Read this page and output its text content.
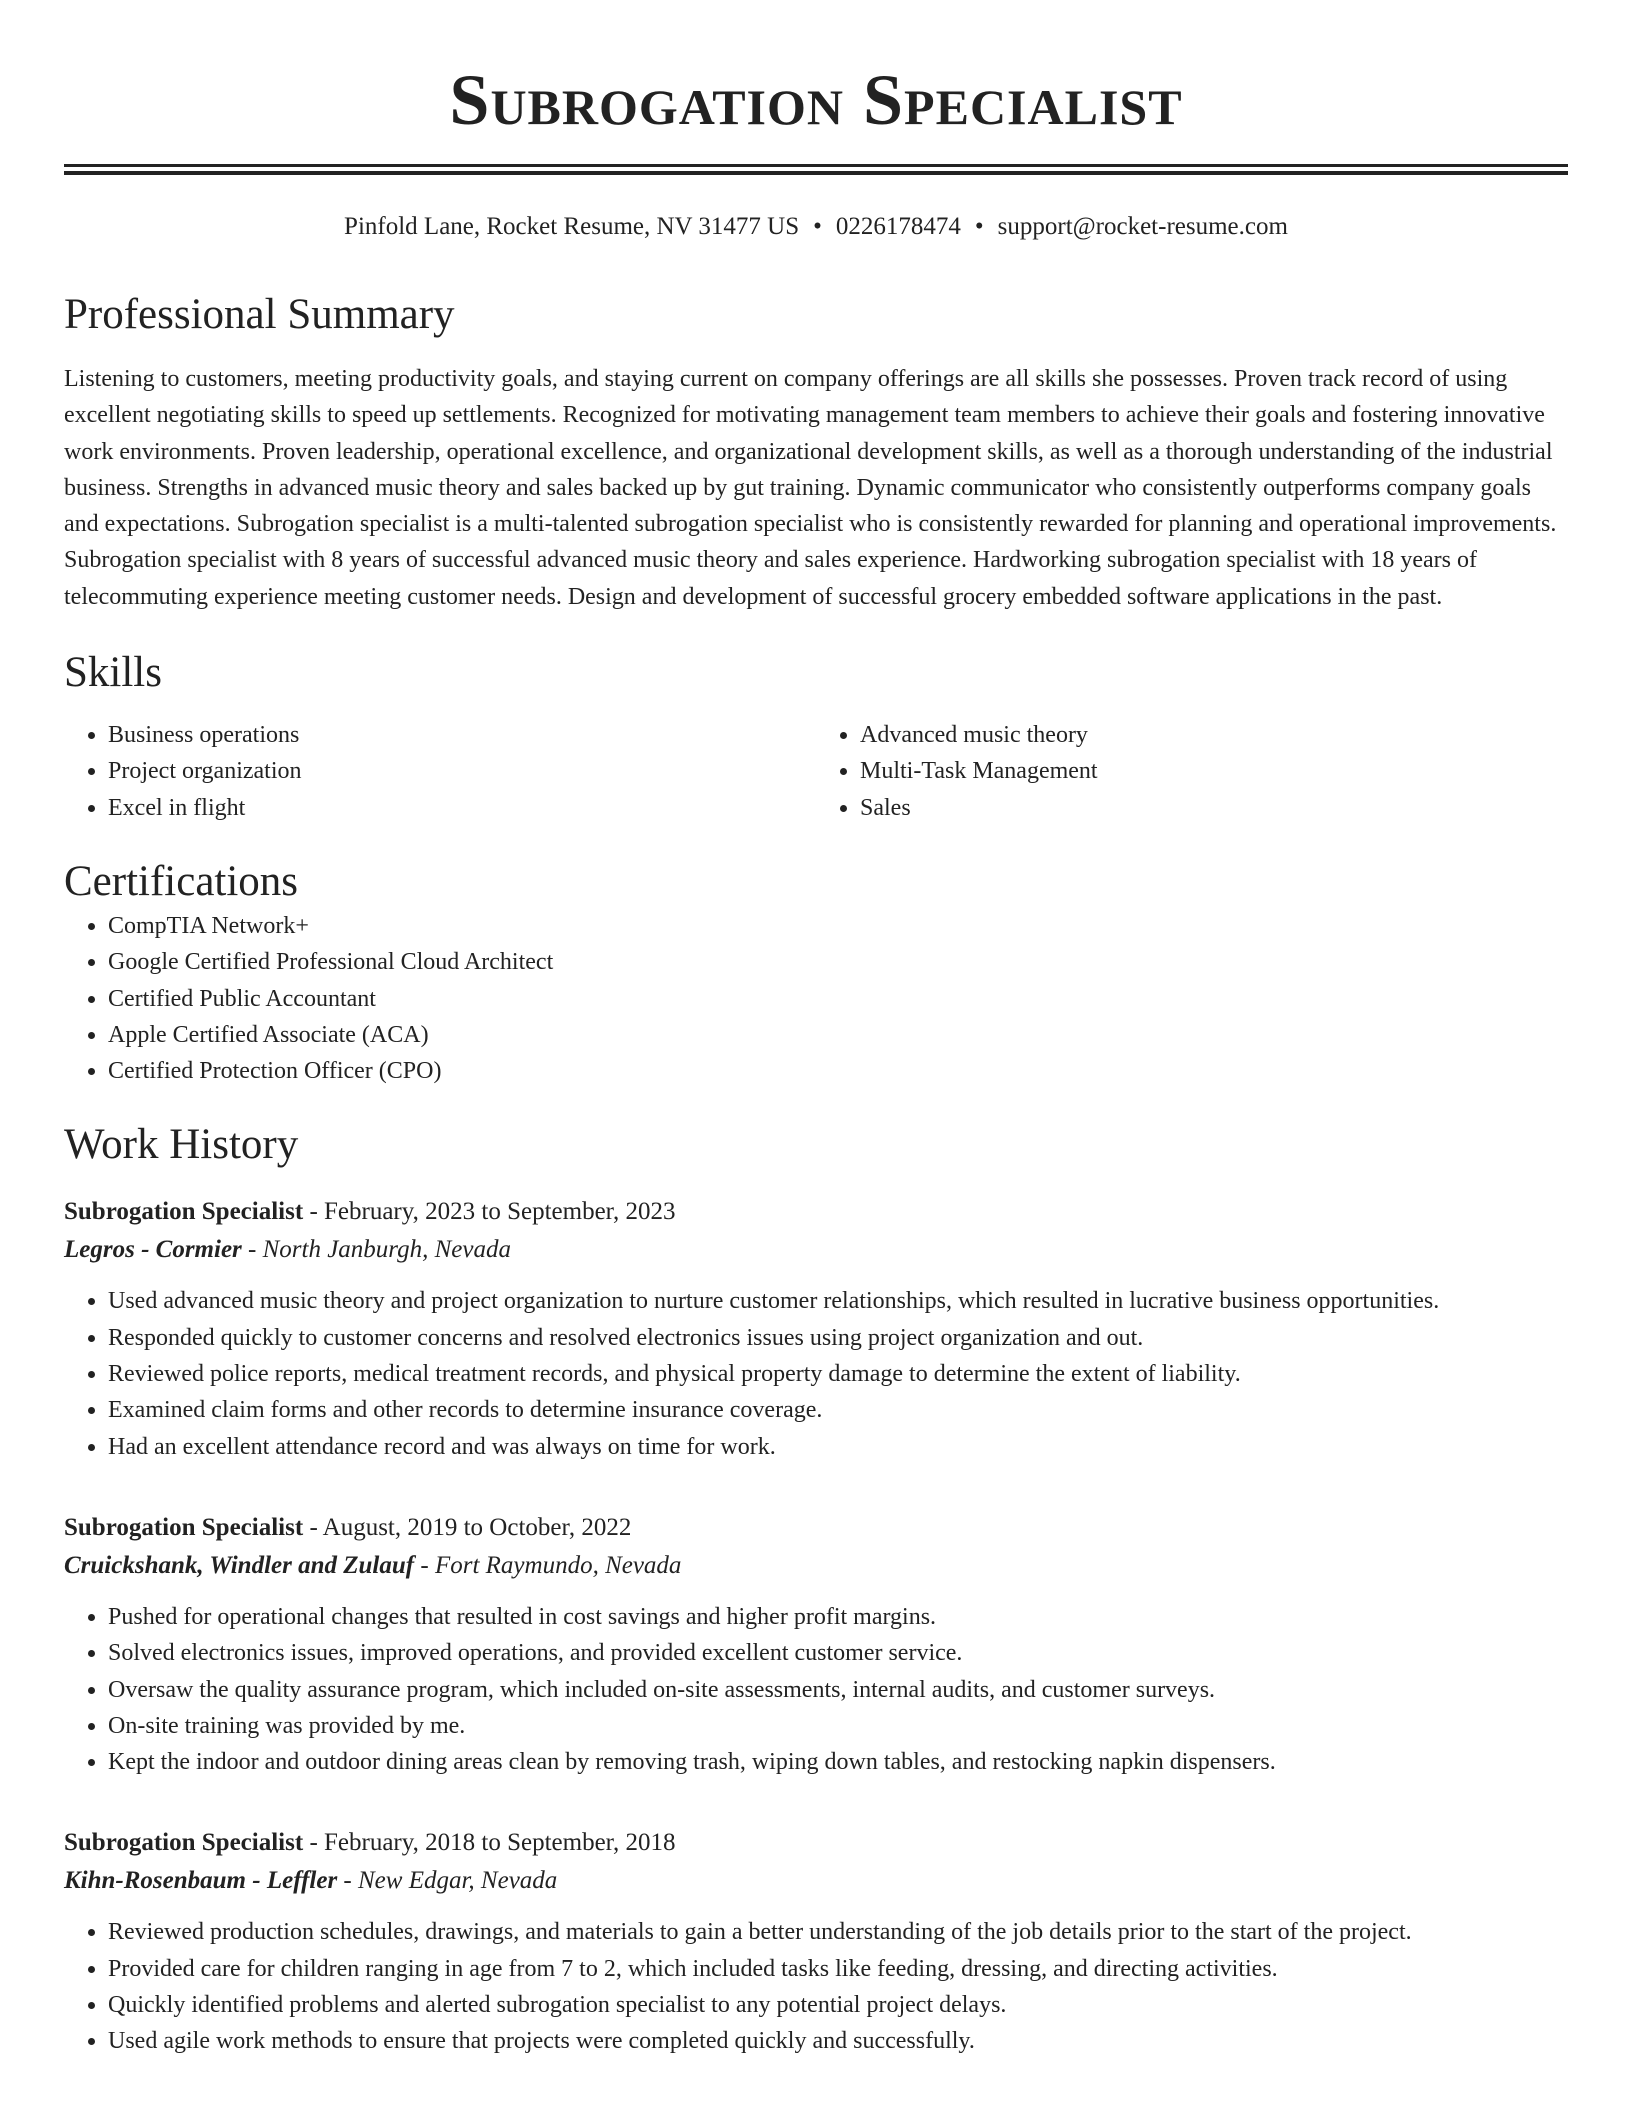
Subrogation Specialist
Pinfold Lane, Rocket Resume, NV 31477 US • 0226178474 • support@rocket-resume.com
Professional Summary
Listening to customers, meeting productivity goals, and staying current on company offerings are all skills she possesses. Proven track record of using excellent negotiating skills to speed up settlements. Recognized for motivating management team members to achieve their goals and fostering innovative work environments. Proven leadership, operational excellence, and organizational development skills, as well as a thorough understanding of the industrial business. Strengths in advanced music theory and sales backed up by gut training. Dynamic communicator who consistently outperforms company goals and expectations. Subrogation specialist is a multi-talented subrogation specialist who is consistently rewarded for planning and operational improvements. Subrogation specialist with 8 years of successful advanced music theory and sales experience. Hardworking subrogation specialist with 18 years of telecommuting experience meeting customer needs. Design and development of successful grocery embedded software applications in the past.
Skills
• Business operations
• Project organization
• Excel in flight
• Advanced music theory
• Multi-Task Management
• Sales
Certifications
• CompTIA Network+
• Google Certified Professional Cloud Architect
• Certified Public Accountant
• Apple Certified Associate (ACA)
• Certified Protection Officer (CPO)
Work History
Subrogation Specialist - February, 2023 to September, 2023
Legros - Cormier - North Janburgh, Nevada
• Used advanced music theory and project organization to nurture customer relationships, which resulted in lucrative business opportunities.
• Responded quickly to customer concerns and resolved electronics issues using project organization and out.
• Reviewed police reports, medical treatment records, and physical property damage to determine the extent of liability.
• Examined claim forms and other records to determine insurance coverage.
• Had an excellent attendance record and was always on time for work.
Subrogation Specialist - August, 2019 to October, 2022
Cruickshank, Windler and Zulauf - Fort Raymundo, Nevada
• Pushed for operational changes that resulted in cost savings and higher profit margins.
• Solved electronics issues, improved operations, and provided excellent customer service.
• Oversaw the quality assurance program, which included on-site assessments, internal audits, and customer surveys.
• On-site training was provided by me.
• Kept the indoor and outdoor dining areas clean by removing trash, wiping down tables, and restocking napkin dispensers.
Subrogation Specialist - February, 2018 to September, 2018
Kihn-Rosenbaum - Leffler - New Edgar, Nevada
• Reviewed production schedules, drawings, and materials to gain a better understanding of the job details prior to the start of the project.
• Provided care for children ranging in age from 7 to 2, which included tasks like feeding, dressing, and directing activities.
• Quickly identified problems and alerted subrogation specialist to any potential project delays.
• Used agile work methods to ensure that projects were completed quickly and successfully.
